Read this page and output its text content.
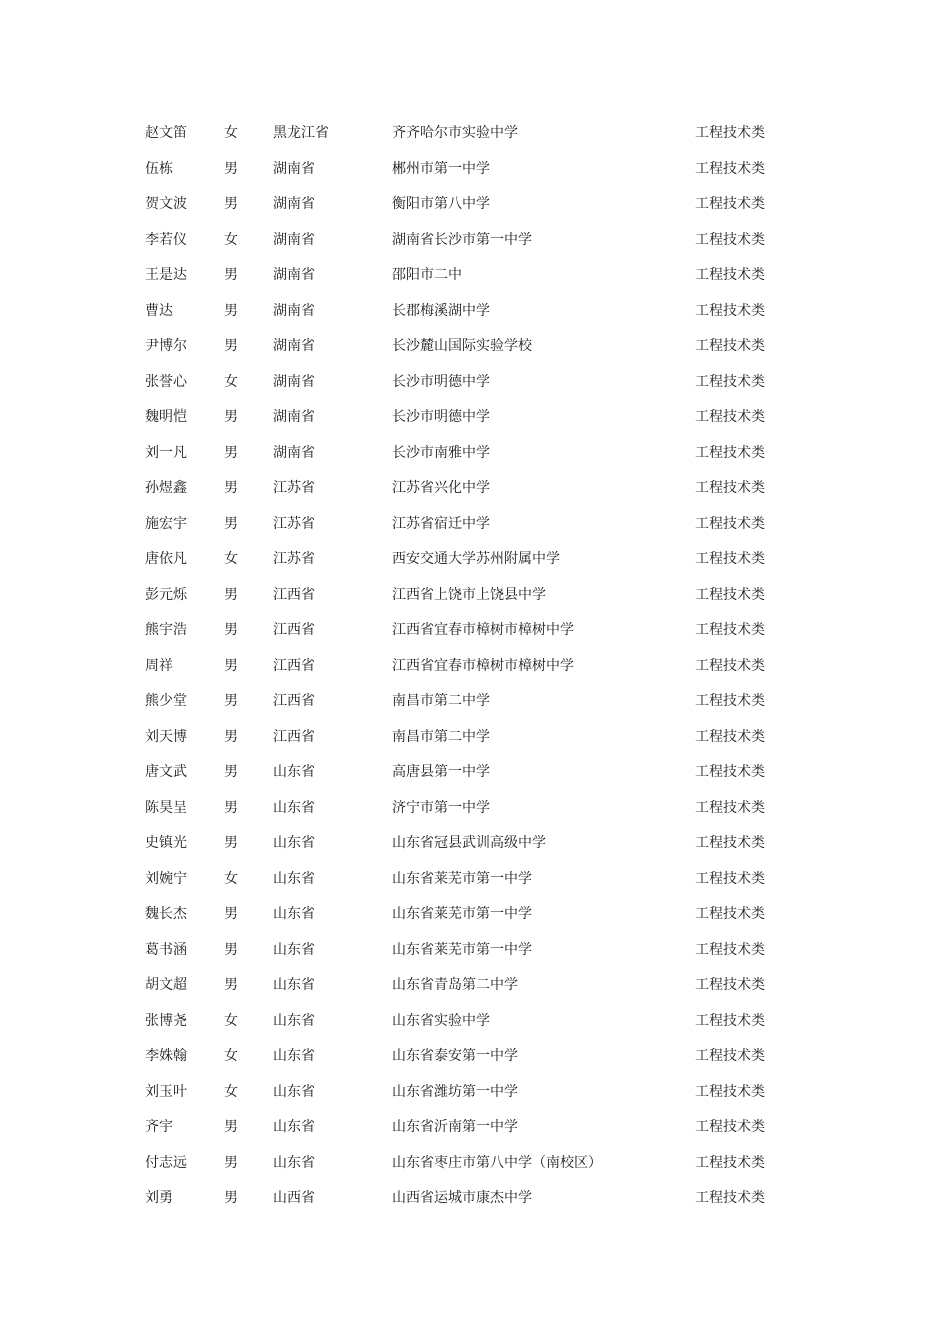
赵文笛	女	黑龙江省	齐齐哈尔市实验中学	工程技术类
伍栋	男	湖南省	郴州市第一中学	工程技术类
贺文波	男	湖南省	衡阳市第八中学	工程技术类
李若仪	女	湖南省	湖南省长沙市第一中学	工程技术类
王是达	男	湖南省	邵阳市二中	工程技术类
曹达	男	湖南省	长郡梅溪湖中学	工程技术类
尹博尔	男	湖南省	长沙麓山国际实验学校	工程技术类
张誉心	女	湖南省	长沙市明德中学	工程技术类
魏明恺	男	湖南省	长沙市明德中学	工程技术类
刘一凡	男	湖南省	长沙市南雅中学	工程技术类
孙煜鑫	男	江苏省	江苏省兴化中学	工程技术类
施宏宇	男	江苏省	江苏省宿迁中学	工程技术类
唐依凡	女	江苏省	西安交通大学苏州附属中学	工程技术类
彭元烁	男	江西省	江西省上饶市上饶县中学	工程技术类
熊宇浩	男	江西省	江西省宜春市樟树市樟树中学	工程技术类
周祥	男	江西省	江西省宜春市樟树市樟树中学	工程技术类
熊少堂	男	江西省	南昌市第二中学	工程技术类
刘天博	男	江西省	南昌市第二中学	工程技术类
唐文武	男	山东省	高唐县第一中学	工程技术类
陈昊呈	男	山东省	济宁市第一中学	工程技术类
史镇光	男	山东省	山东省冠县武训高级中学	工程技术类
刘婉宁	女	山东省	山东省莱芜市第一中学	工程技术类
魏长杰	男	山东省	山东省莱芜市第一中学	工程技术类
葛书涵	男	山东省	山东省莱芜市第一中学	工程技术类
胡文超	男	山东省	山东省青岛第二中学	工程技术类
张博尧	女	山东省	山东省实验中学	工程技术类
李姝翰	女	山东省	山东省泰安第一中学	工程技术类
刘玉叶	女	山东省	山东省潍坊第一中学	工程技术类
齐宇	男	山东省	山东省沂南第一中学	工程技术类
付志远	男	山东省	山东省枣庄市第八中学（南校区）	工程技术类
刘勇	男	山西省	山西省运城市康杰中学	工程技术类
